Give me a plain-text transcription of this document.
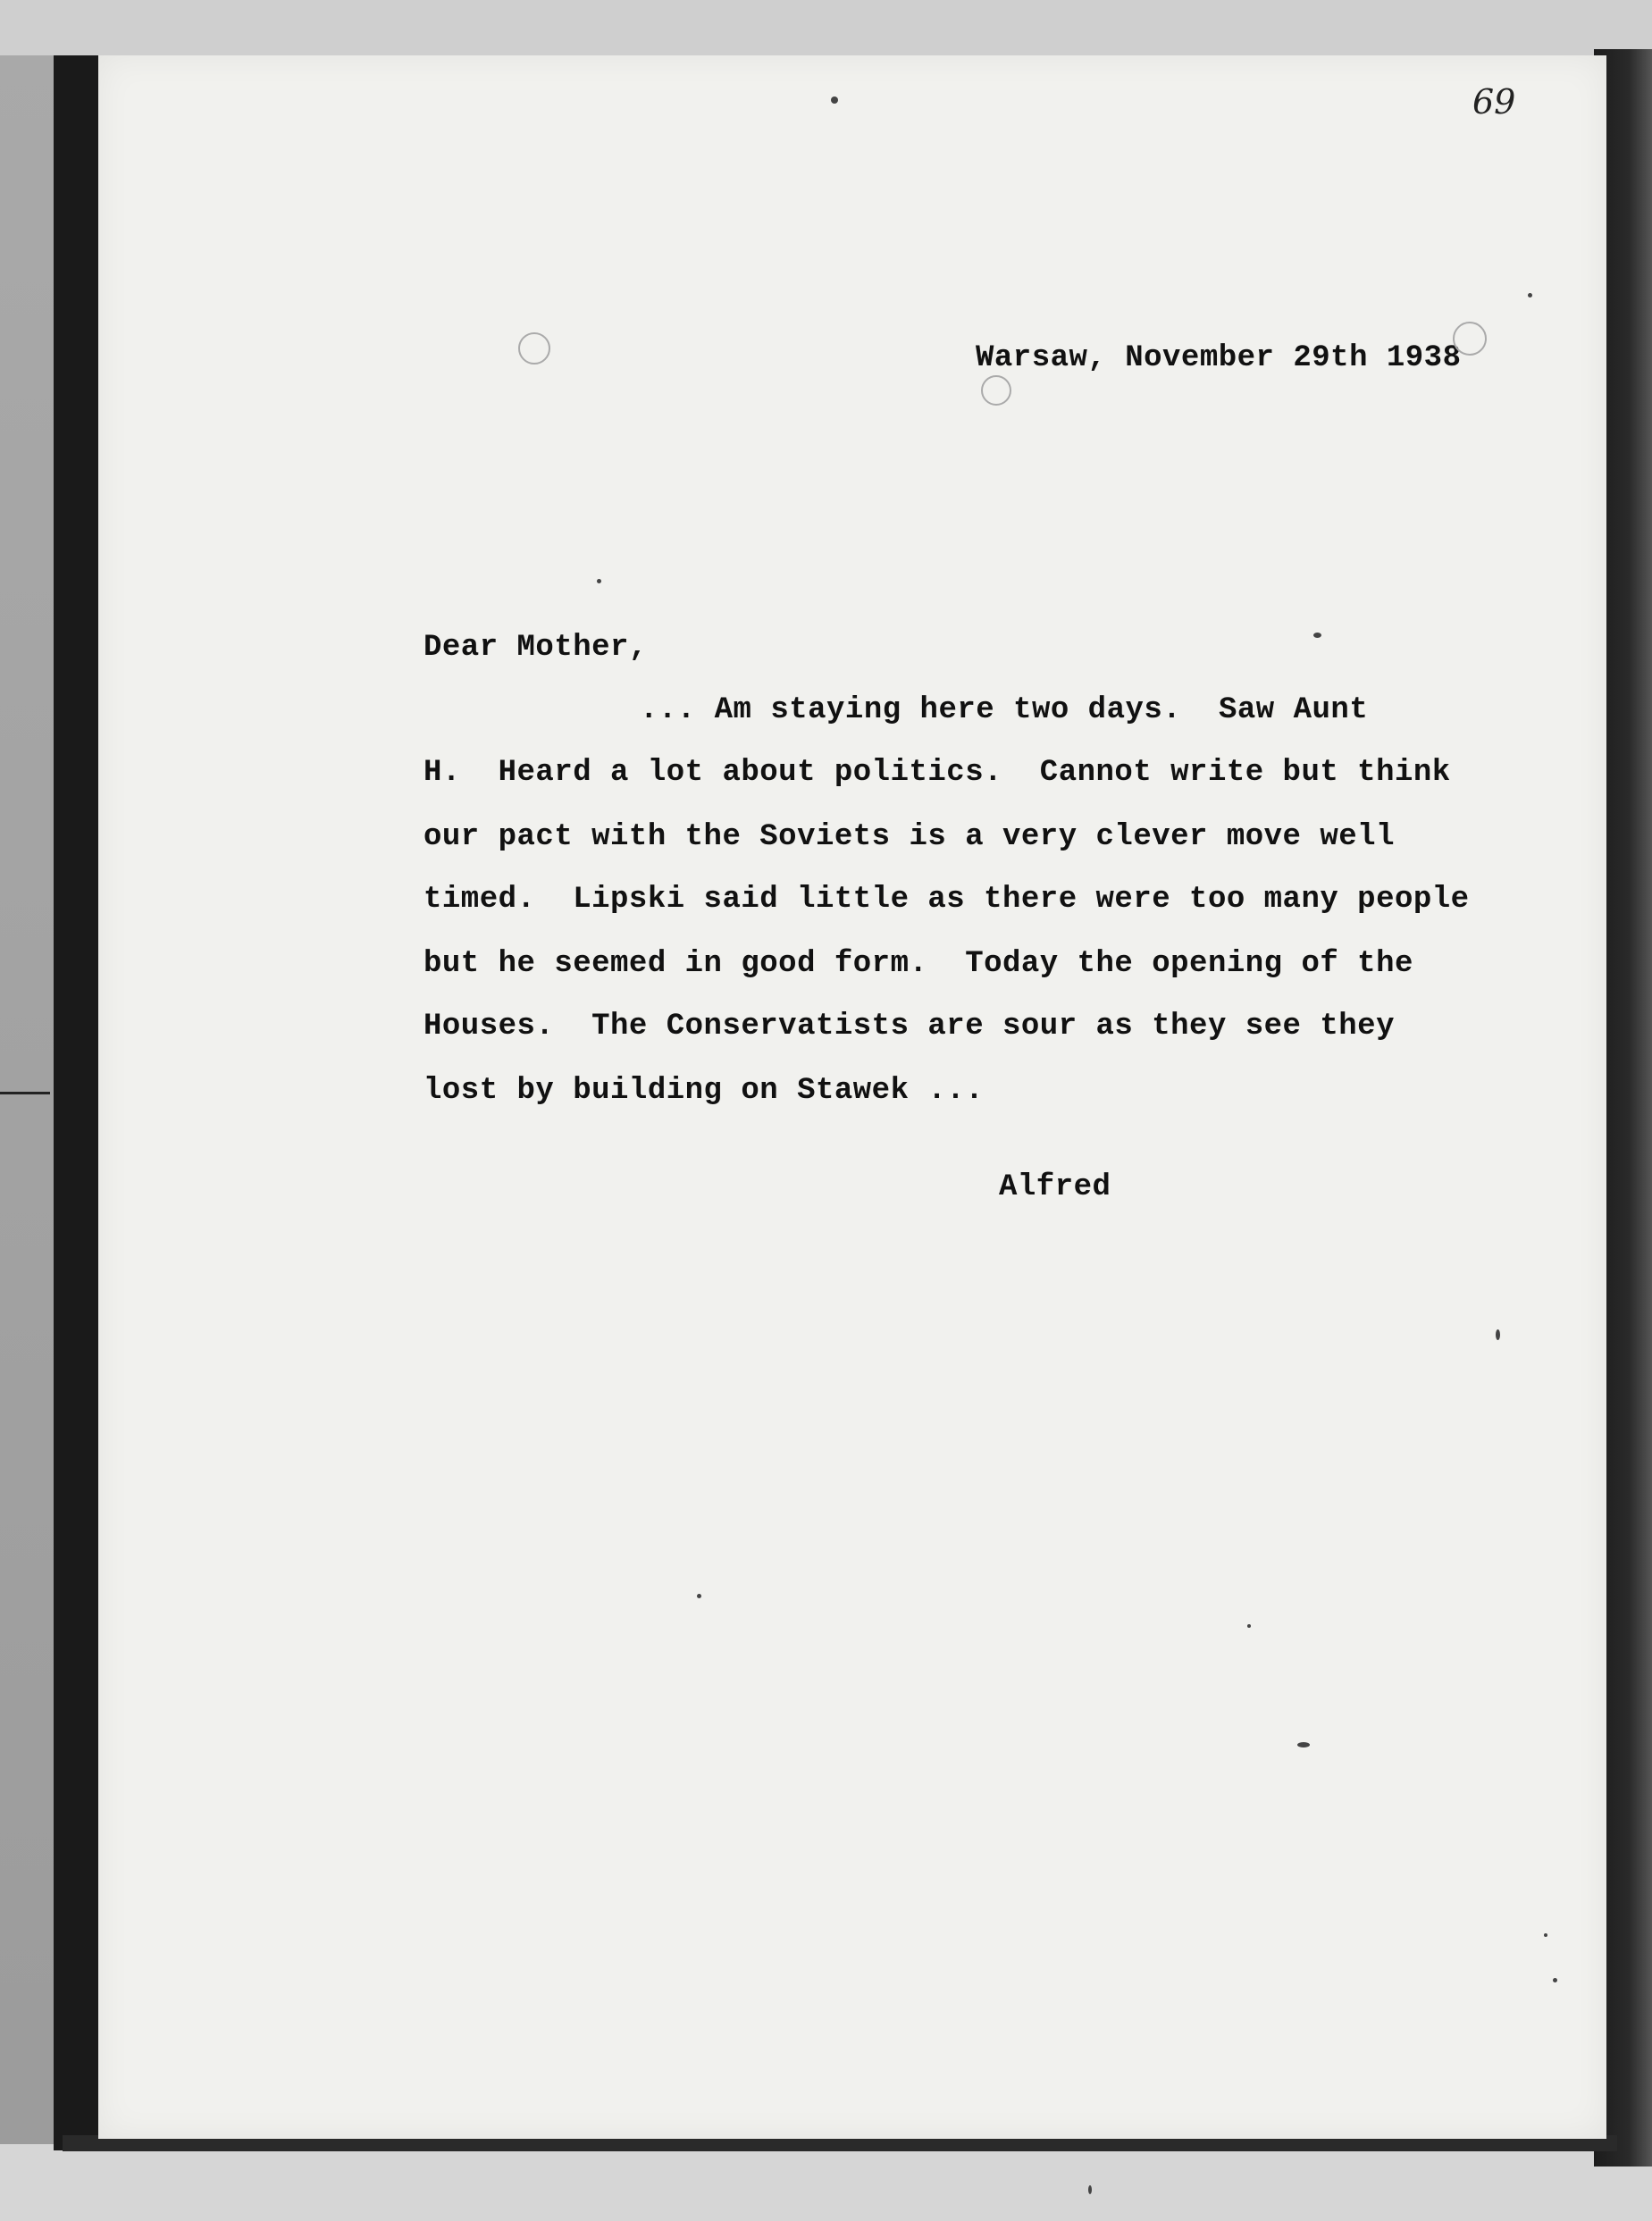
69
Warsaw, November 29th 1938
Dear Mother,
... Am staying here two days.  Saw Aunt
H.  Heard a lot about politics.  Cannot write but think
our pact with the Soviets is a very clever move well
timed.  Lipski said little as there were too many people
but he seemed in good form.  Today the opening of the
Houses.  The Conservatists are sour as they see they
lost by building on Stawek ...
Alfred
